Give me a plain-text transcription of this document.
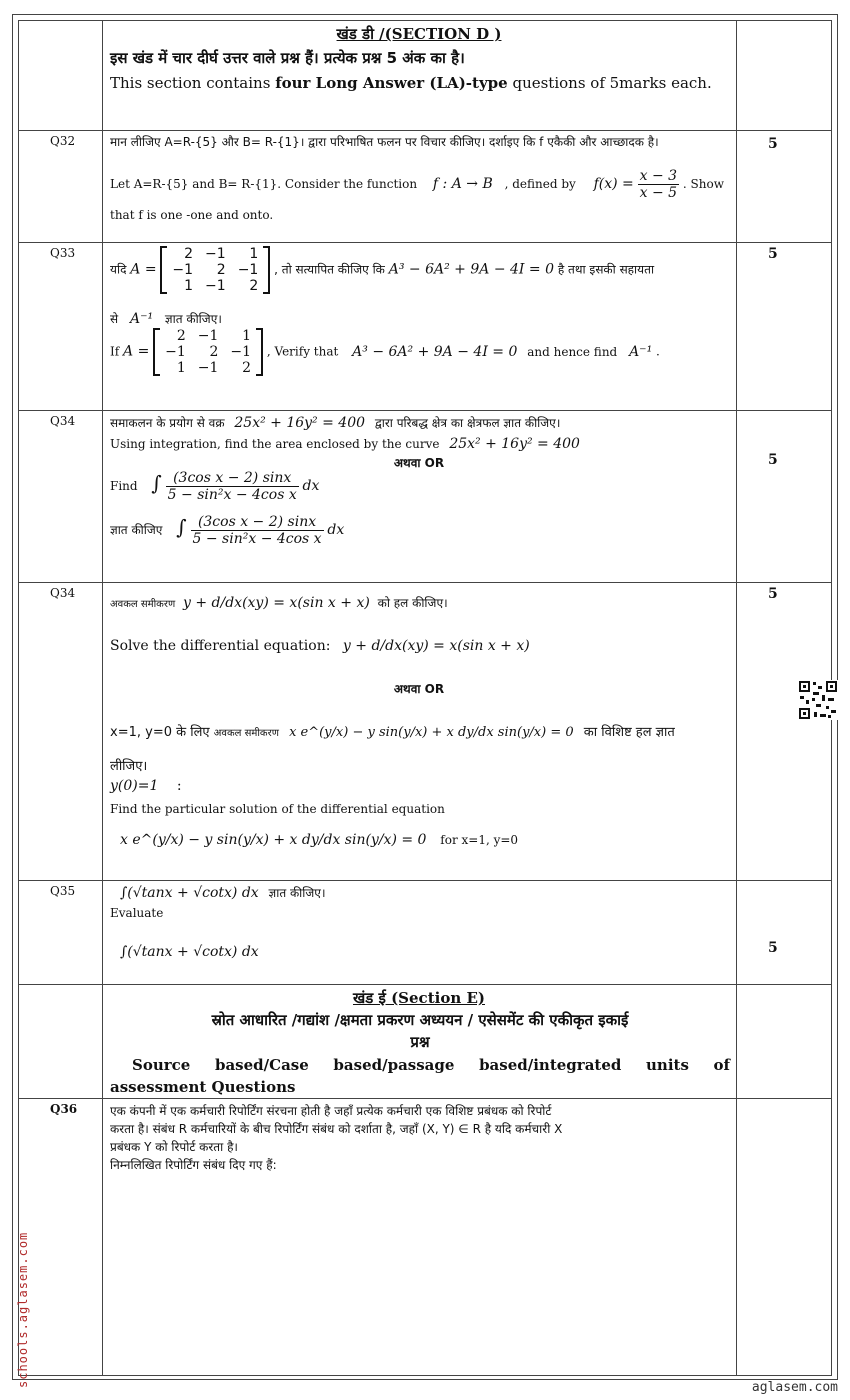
खंड डी /(SECTION D )
इस खंड में चार दीर्घ उत्तर वाले प्रश्न हैं। प्रत्येक प्रश्न 5 अंक का है।
This section contains four Long Answer (LA)-type questions of 5marks each.
Q32	5
मान लीजिए A=R-{5} और B= R-{1}। द्वारा परिभाषित फलन पर विचार कीजिए। दर्शाइए कि f एकैकी और आच्छादक है।
Let A=R-{5} and B= R-{1}. Consider the function f : A → B , defined by $f(x) = \frac{x - 3}{x - 5}$ . Show
that f is one -one and onto.
Q33	5
यदि A =
2	−1	1
−1	2	−1
1	−1	2
, तो सत्यापित कीजिए कि A³ − 6A² + 9A − 4I = 0 है तथा इसकी सहायता
से A⁻¹ ज्ञात कीजिए।
If A =
2	−1	1
−1	2	−1
1	−1	2
, Verify that A³ − 6A² + 9A − 4I = 0 and hence find A⁻¹ .
Q34
5
समाकलन के प्रयोग से वक्र 25x² + 16y² = 400 द्वारा परिबद्ध क्षेत्र का क्षेत्रफल ज्ञात कीजिए।
Using integration, find the area enclosed by the curve 25x² + 16y² = 400
अथवा OR
Find ∫ $\frac{\text{(3cos x − 2) sinx}}{\text{5 − sin²x − 4cos x}}$ dx
ज्ञात कीजिए ∫ $\frac{\text{(3cos x − 2) sinx}}{\text{5 − sin²x − 4cos x}}$ dx
Q34	5
अवकल समीकरण y + d/dx(xy) = x(sin x + x) को हल कीजिए।
Solve the differential equation: y + d/dx(xy) = x(sin x + x)
अथवा OR
x=1, y=0 के लिए अवकल समीकरण x e^(y/x) − y sin(y/x) + x dy/dx sin(y/x) = 0 का विशिष्ट हल ज्ञात
लीजिए।
y(0)=1 :
Find the particular solution of the differential equation
x e^(y/x) − y sin(y/x) + x dy/dx sin(y/x) = 0 for x=1, y=0
Q35
5
∫(√tanx + √cotx) dx ज्ञात कीजिए।
Evaluate
∫(√tanx + √cotx) dx
खंड ई (Section E)
स्रोत आधारित /गद्यांश /क्षमता प्रकरण अध्ययन / एसेसमेंट की एकीकृत इकाई
प्रश्न
Source based/Case based/passage based/integrated units of assessment Questions
Q36	एक कंपनी में एक कर्मचारी रिपोर्टिंग संरचना होती है जहाँ प्रत्येक कर्मचारी एक विशिष्ट प्रबंधक को रिपोर्ट
करता है। संबंध R कर्मचारियों के बीच रिपोर्टिंग संबंध को दर्शाता है, जहाँ (X, Y) ∈ R है यदि कर्मचारी X
प्रबंधक Y को रिपोर्ट करता है।
निम्नलिखित रिपोर्टिंग संबंध दिए गए हैं:
schools.aglasem.com	aglasem.com
